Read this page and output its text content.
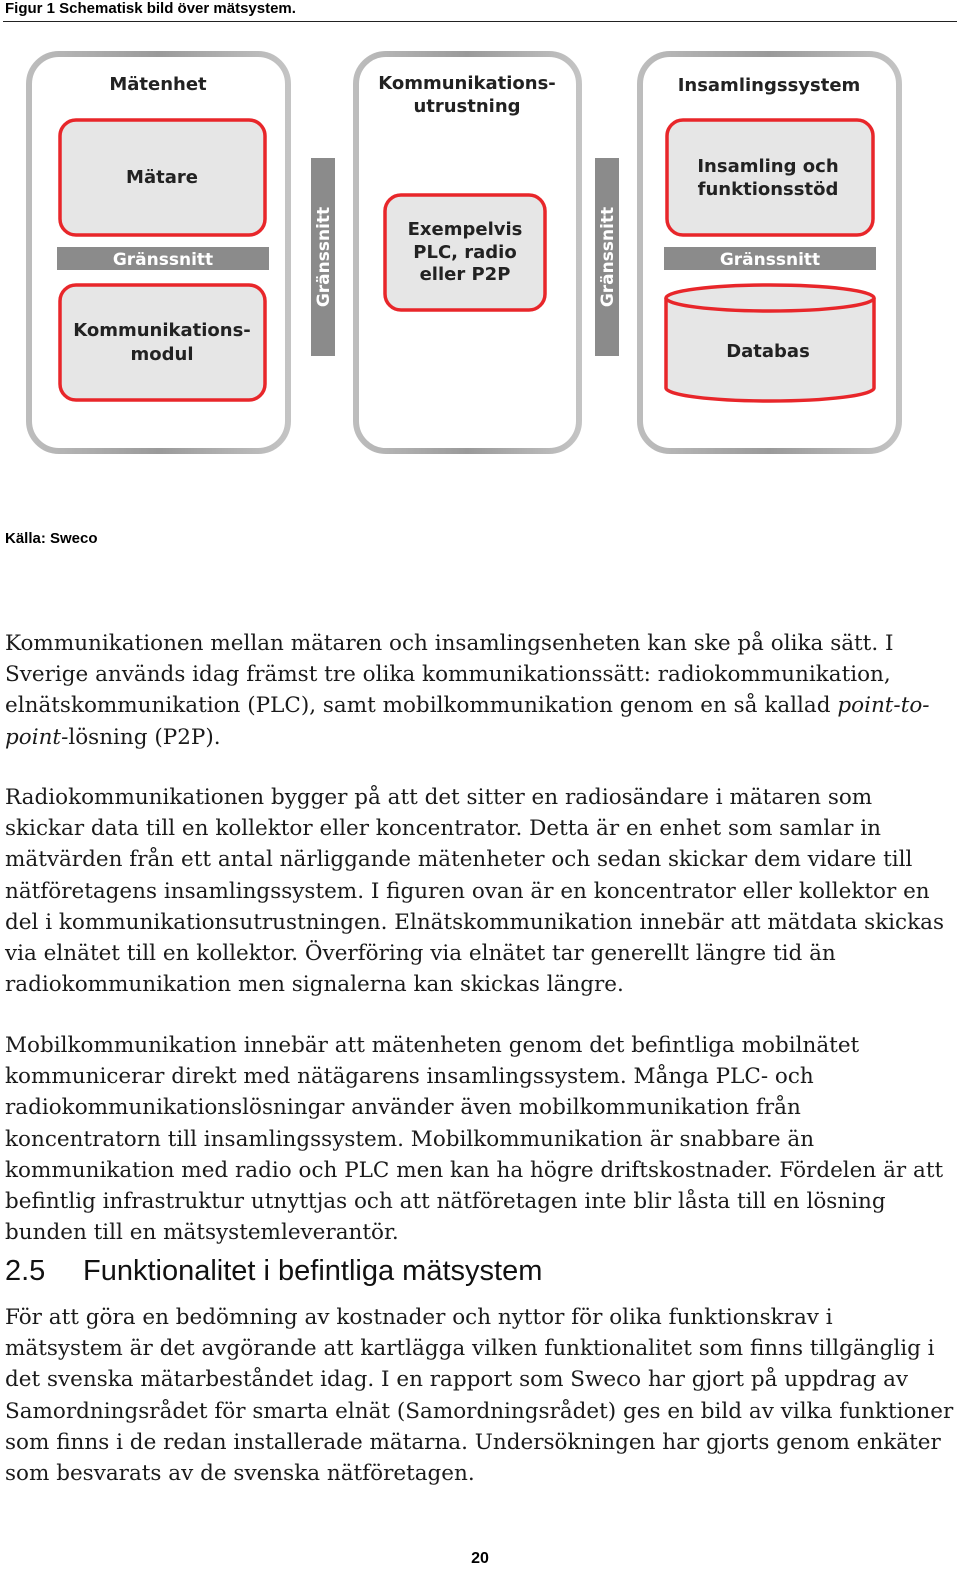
Figur 1 Schematisk bild över mätsystem.
Mätenhet
Mätare
Gränssnitt
Kommunikations-
modul
Gränssnitt
Kommunikations-
utrustning
Exempelvis
PLC, radio
eller P2P	Gränssnitt
Insamlingssystem
Insamling och
funktionsstöd
Gränssnitt
Databas
Källa: Sweco

Kommunikationen mellan mätaren och insamlingsenheten kan ske på olika sätt. I Sverige används idag främst tre olika kommunikationssätt: radiokommunikation, elnätskommunikation (PLC), samt mobilkommunikation genom en så kallad point-to-point-lösning (P2P).

Radiokommunikationen bygger på att det sitter en radiosändare i mätaren som skickar data till en kollektor eller koncentrator. Detta är en enhet som samlar in mätvärden från ett antal närliggande mätenheter och sedan skickar dem vidare till nätföretagens insamlingssystem. I figuren ovan är en koncentrator eller kollektor en del i kommunikationsutrustningen. Elnätskommunikation innebär att mätdata skickas via elnätet till en kollektor. Överföring via elnätet tar generellt längre tid än radiokommunikation men signalerna kan skickas längre.

Mobilkommunikation innebär att mätenheten genom det befintliga mobilnätet kommunicerar direkt med nätägarens insamlingssystem. Många PLC- och radiokommunikationslösningar använder även mobilkommunikation från koncentratorn till insamlingssystem. Mobilkommunikation är snabbare än kommunikation med radio och PLC men kan ha högre driftskostnader. Fördelen är att befintlig infrastruktur utnyttjas och att nätföretagen inte blir låsta till en lösning bunden till en mätsystemleverantör.

2.5 Funktionalitet i befintliga mätsystem

För att göra en bedömning av kostnader och nyttor för olika funktionskrav i mätsystem är det avgörande att kartlägga vilken funktionalitet som finns tillgänglig i det svenska mätarbeståndet idag. I en rapport som Sweco har gjort på uppdrag av Samordningsrådet för smarta elnät (Samordningsrådet) ges en bild av vilka funktioner som finns i de redan installerade mätarna. Undersökningen har gjorts genom enkäter som besvarats av de svenska nätföretagen.

20
